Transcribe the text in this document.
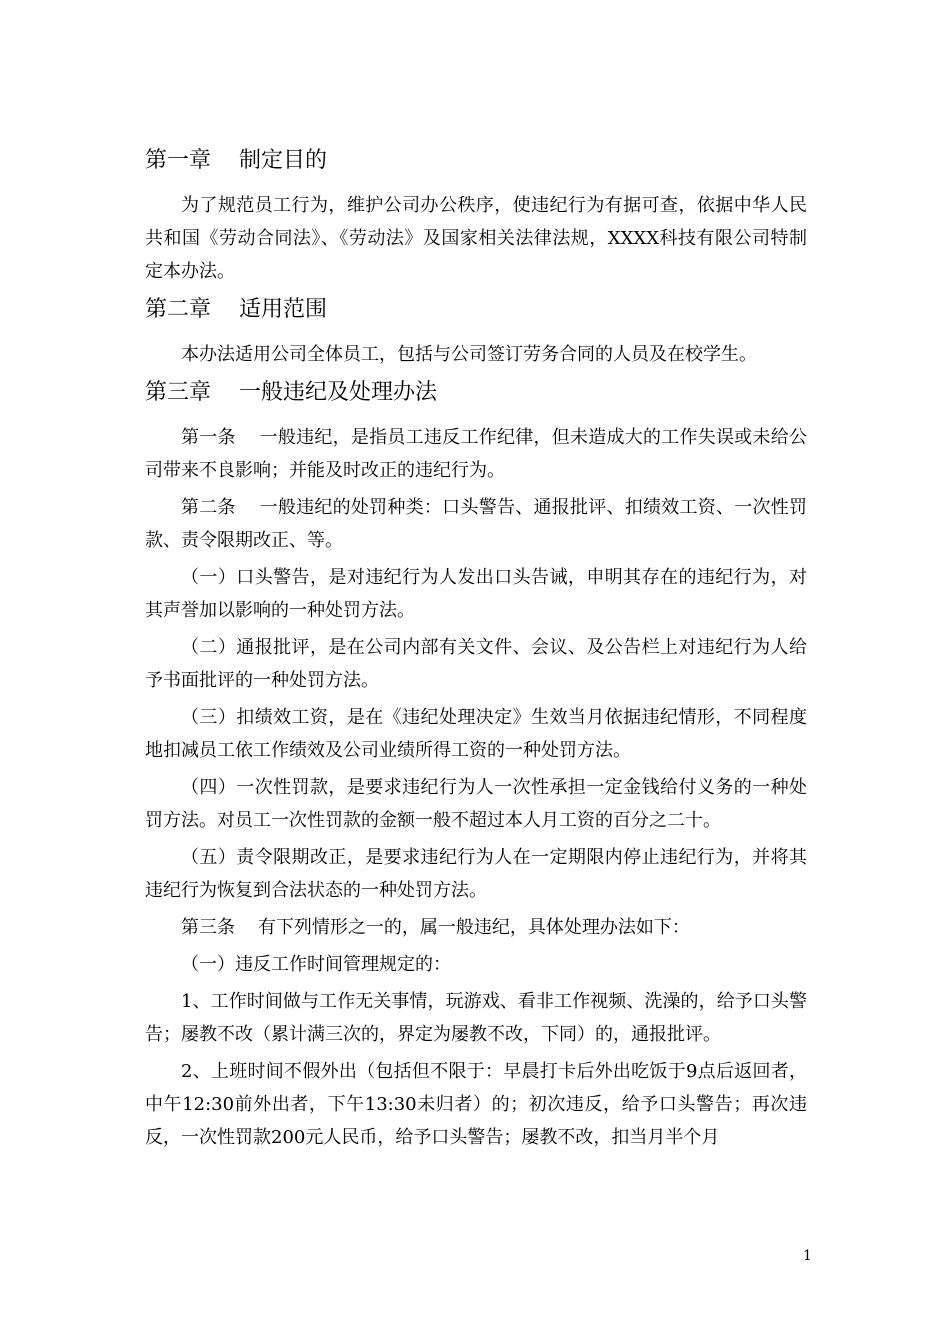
第一章    制定目的

为了规范员工行为，维护公司办公秩序，使违纪行为有据可查，依据中华人民共和国《劳动合同法》、《劳动法》及国家相关法律法规，XXXX科技有限公司特制定本办法。

第二章    适用范围

本办法适用公司全体员工，包括与公司签订劳务合同的人员及在校学生。

第三章    一般违纪及处理办法

第一条    一般违纪，是指员工违反工作纪律，但未造成大的工作失误或未给公司带来不良影响；并能及时改正的违纪行为。

第二条    一般违纪的处罚种类：口头警告、通报批评、扣绩效工资、一次性罚款、责令限期改正、等。

（一）口头警告，是对违纪行为人发出口头告诫，申明其存在的违纪行为，对其声誉加以影响的一种处罚方法。

（二）通报批评，是在公司内部有关文件、会议、及公告栏上对违纪行为人给予书面批评的一种处罚方法。

（三）扣绩效工资，是在《违纪处理决定》生效当月依据违纪情形，不同程度地扣减员工依工作绩效及公司业绩所得工资的一种处罚方法。

（四）一次性罚款，是要求违纪行为人一次性承担一定金钱给付义务的一种处罚方法。对员工一次性罚款的金额一般不超过本人月工资的百分之二十。

（五）责令限期改正，是要求违纪行为人在一定期限内停止违纪行为，并将其违纪行为恢复到合法状态的一种处罚方法。

第三条    有下列情形之一的，属一般违纪，具体处理办法如下：

（一）违反工作时间管理规定的：

1、工作时间做与工作无关事情，玩游戏、看非工作视频、洗澡的，给予口头警告；屡教不改（累计满三次的，界定为屡教不改，下同）的，通报批评。

2、上班时间不假外出（包括但不限于：早晨打卡后外出吃饭于9点后返回者，中午12:30前外出者，下午13:30未归者）的；初次违反，给予口头警告；再次违反，一次性罚款200元人民币，给予口头警告；屡教不改，扣当月半个月

1
